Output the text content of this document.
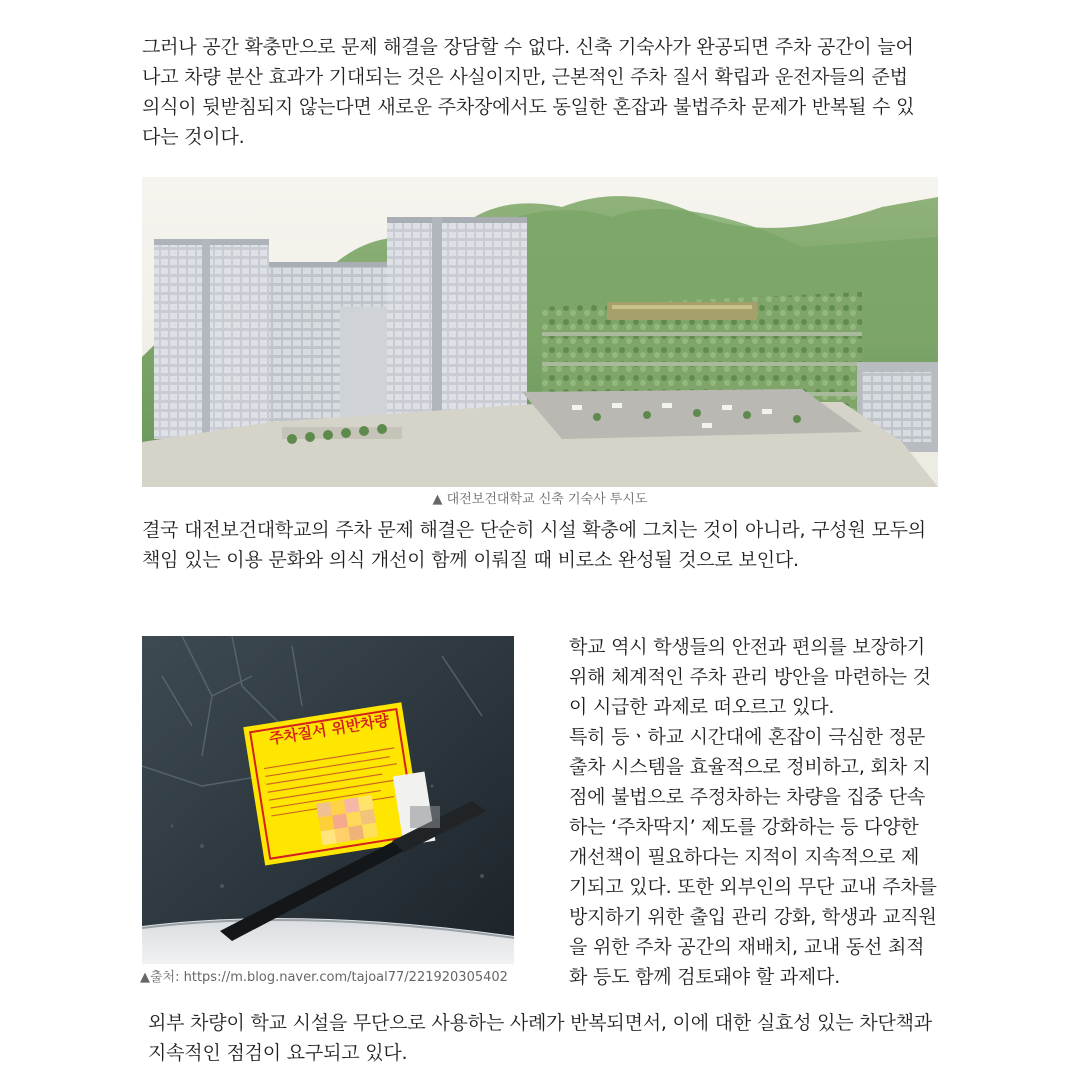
그러나 공간 확충만으로 문제 해결을 장담할 수 없다. 신축 기숙사가 완공되면 주차 공간이 늘어
나고 차량 분산 효과가 기대되는 것은 사실이지만, 근본적인 주차 질서 확립과 운전자들의 준법
의식이 뒷받침되지 않는다면 새로운 주차장에서도 동일한 혼잡과 불법주차 문제가 반복될 수 있
다는 것이다.

▲ 대전보건대학교 신축 기숙사 투시도

결국 대전보건대학교의 주차 문제 해결은 단순히 시설 확충에 그치는 것이 아니라, 구성원 모두의
책임 있는 이용 문화와 의식 개선이 함께 이뤄질 때 비로소 완성될 것으로 보인다.

주차질서 위반차량
▲출처: https://m.blog.naver.com/tajoal77/221920305402

학교 역시 학생들의 안전과 편의를 보장하기
위해 체계적인 주차 관리 방안을 마련하는 것
이 시급한 과제로 떠오르고 있다.
특히 등ㆍ하교 시간대에 혼잡이 극심한 정문
출차 시스템을 효율적으로 정비하고, 회차 지
점에 불법으로 주정차하는 차량을 집중 단속
하는 ‘주차딱지’ 제도를 강화하는 등 다양한
개선책이 필요하다는 지적이 지속적으로 제
기되고 있다. 또한 외부인의 무단 교내 주차를
방지하기 위한 출입 관리 강화, 학생과 교직원
을 위한 주차 공간의 재배치, 교내 동선 최적
화 등도 함께 검토돼야 할 과제다.

외부 차량이 학교 시설을 무단으로 사용하는 사례가 반복되면서, 이에 대한 실효성 있는 차단책과
지속적인 점검이 요구되고 있다.
